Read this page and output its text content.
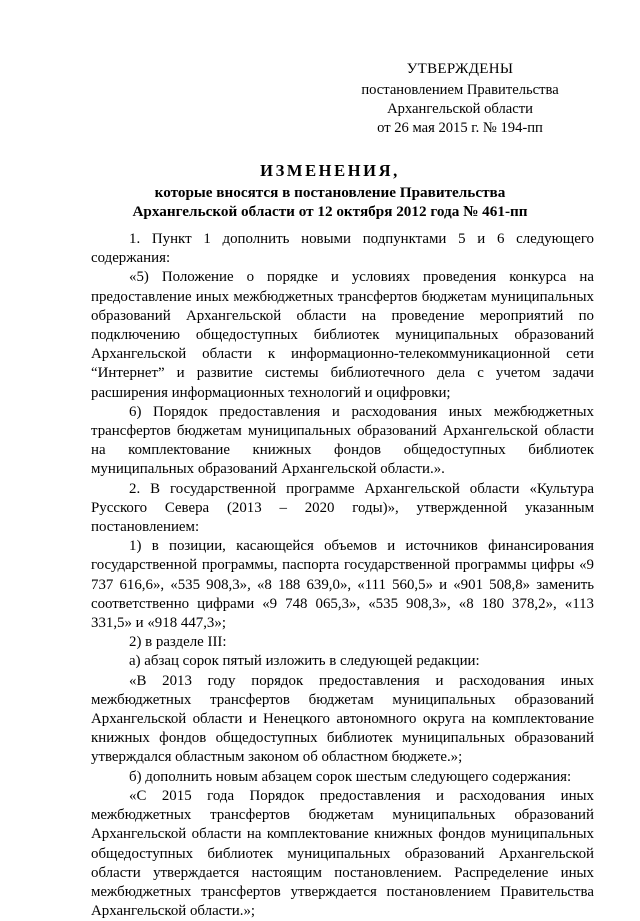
УТВЕРЖДЕНЫ
постановлением Правительства
Архангельской области
от 26 мая 2015 г. № 194-пп
ИЗМЕНЕНИЯ,
которые вносятся в постановление Правительства
Архангельской области от 12 октября 2012 года № 461-пп

1. Пункт 1 дополнить новыми подпунктами 5 и 6 следующего содержания:

«5) Положение о порядке и условиях проведения конкурса на предоставление иных межбюджетных трансфертов бюджетам муниципальных образований Архангельской области на проведение мероприятий по подключению общедоступных библиотек муниципальных образований Архангельской области к информационно-телекоммуникационной сети “Интернет” и развитие системы библиотечного дела с учетом задачи расширения информационных технологий и оцифровки;

6) Порядок предоставления и расходования иных межбюджетных трансфертов бюджетам муниципальных образований Архангельской области на комплектование книжных фондов общедоступных библиотек муниципальных образований Архангельской области.».

2. В государственной программе Архангельской области «Культура Русского Севера (2013 – 2020 годы)», утвержденной указанным постановлением:

1) в позиции, касающейся объемов и источников финансирования государственной программы, паспорта государственной программы цифры «9 737 616,6», «535 908,3», «8 188 639,0», «111 560,5» и «901 508,8» заменить соответственно цифрами «9 748 065,3», «535 908,3», «8 180 378,2», «113 331,5» и «918 447,3»;

2) в разделе III:

а) абзац сорок пятый изложить в следующей редакции:

«В 2013 году порядок предоставления и расходования иных межбюджетных трансфертов бюджетам муниципальных образований Архангельской области и Ненецкого автономного округа на комплектование книжных фондов общедоступных библиотек муниципальных образований утверждался областным законом об областном бюджете.»;

б) дополнить новым абзацем сорок шестым следующего содержания:

«С 2015 года Порядок предоставления и расходования иных межбюджетных трансфертов бюджетам муниципальных образований Архангельской области на комплектование книжных фондов муниципальных общедоступных библиотек муниципальных образований Архангельской области утверждается настоящим постановлением. Распределение иных межбюджетных трансфертов утверждается постановлением Правительства Архангельской области.»;
